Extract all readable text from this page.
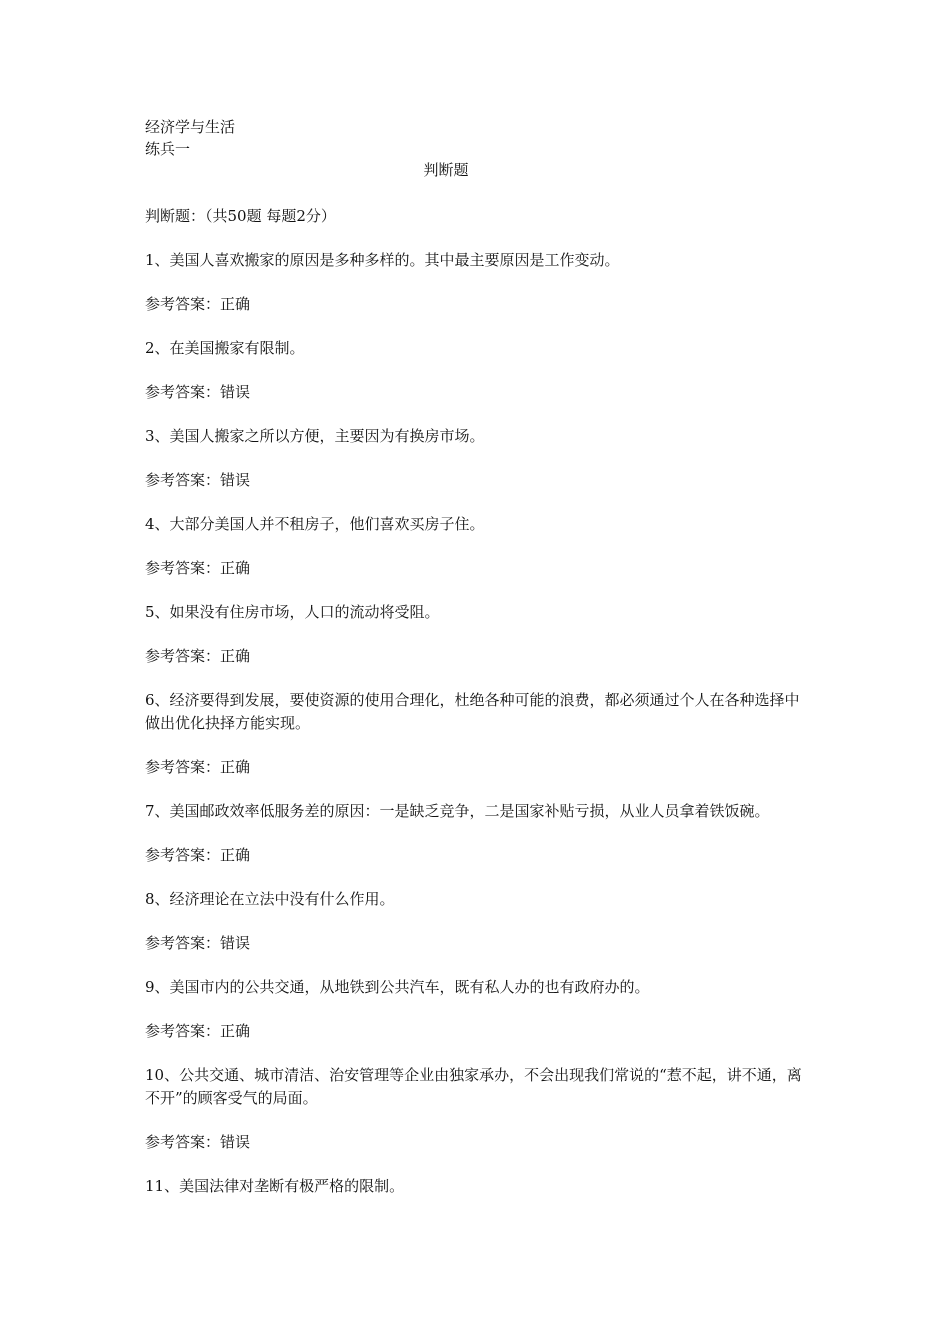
经济学与生活
练兵一
判断题

判断题：（共50题 每题2分）

1、美国人喜欢搬家的原因是多种多样的。其中最主要原因是工作变动。

参考答案：正确

2、在美国搬家有限制。

参考答案：错误

3、美国人搬家之所以方便，主要因为有换房市场。

参考答案：错误

4、大部分美国人并不租房子，他们喜欢买房子住。

参考答案：正确

5、如果没有住房市场，人口的流动将受阻。

参考答案：正确

6、经济要得到发展，要使资源的使用合理化，杜绝各种可能的浪费，都必须通过个人在各种选择中做出优化抉择方能实现。

参考答案：正确

7、美国邮政效率低服务差的原因：一是缺乏竞争，二是国家补贴亏损，从业人员拿着铁饭碗。

参考答案：正确

8、经济理论在立法中没有什么作用。

参考答案：错误

9、美国市内的公共交通，从地铁到公共汽车，既有私人办的也有政府办的。

参考答案：正确

10、公共交通、城市清洁、治安管理等企业由独家承办，不会出现我们常说的“惹不起，讲不通，离不开”的顾客受气的局面。

参考答案：错误

11、美国法律对垄断有极严格的限制。
